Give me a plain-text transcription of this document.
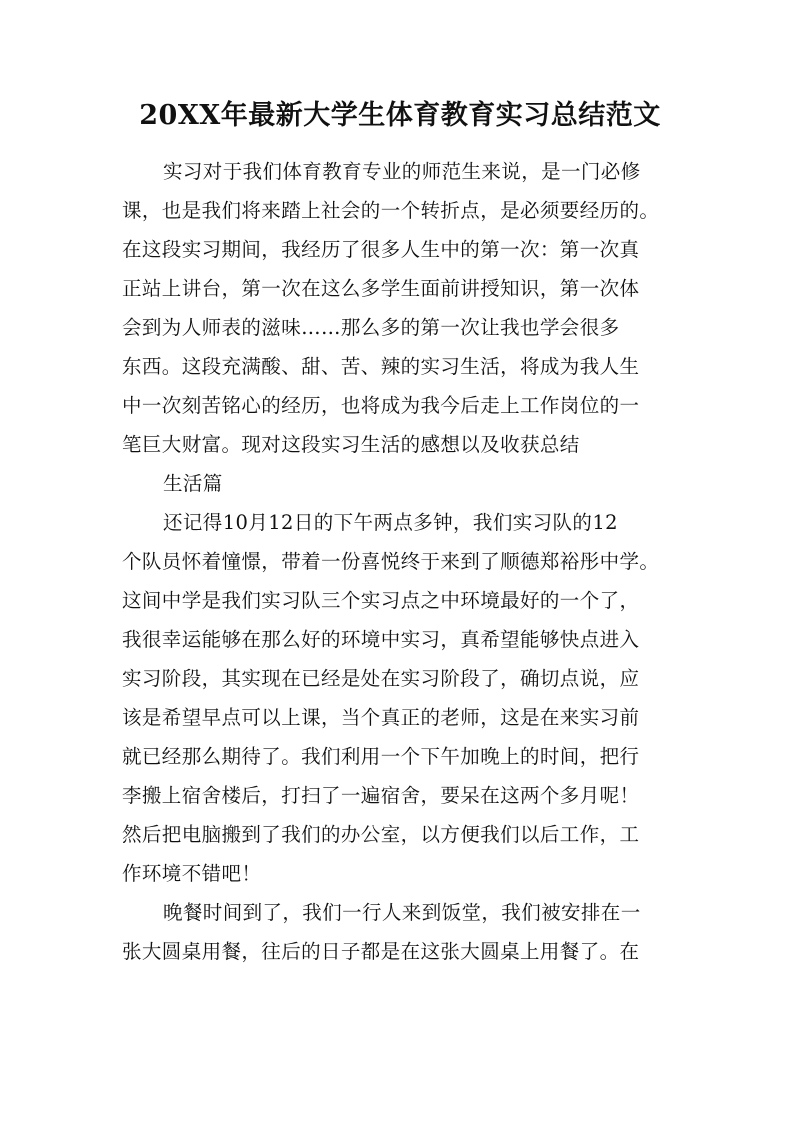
20XX年最新大学生体育教育实习总结范文
实习对于我们体育教育专业的师范生来说，是一门必修
课，也是我们将来踏上社会的一个转折点，是必须要经历的。
在这段实习期间，我经历了很多人生中的第一次：第一次真
正站上讲台，第一次在这么多学生面前讲授知识，第一次体
会到为人师表的滋味……那么多的第一次让我也学会很多
东西。这段充满酸、甜、苦、辣的实习生活，将成为我人生
中一次刻苦铭心的经历，也将成为我今后走上工作岗位的一
笔巨大财富。现对这段实习生活的感想以及收获总结
生活篇
还记得10月12日的下午两点多钟，我们实习队的12
个队员怀着憧憬，带着一份喜悦终于来到了顺德郑裕彤中学。
这间中学是我们实习队三个实习点之中环境最好的一个了，
我很幸运能够在那么好的环境中实习，真希望能够快点进入
实习阶段，其实现在已经是处在实习阶段了，确切点说，应
该是希望早点可以上课，当个真正的老师，这是在来实习前
就已经那么期待了。我们利用一个下午加晚上的时间，把行
李搬上宿舍楼后，打扫了一遍宿舍，要呆在这两个多月呢！
然后把电脑搬到了我们的办公室，以方便我们以后工作，工
作环境不错吧！
晚餐时间到了，我们一行人来到饭堂，我们被安排在一
张大圆桌用餐，往后的日子都是在这张大圆桌上用餐了。在
